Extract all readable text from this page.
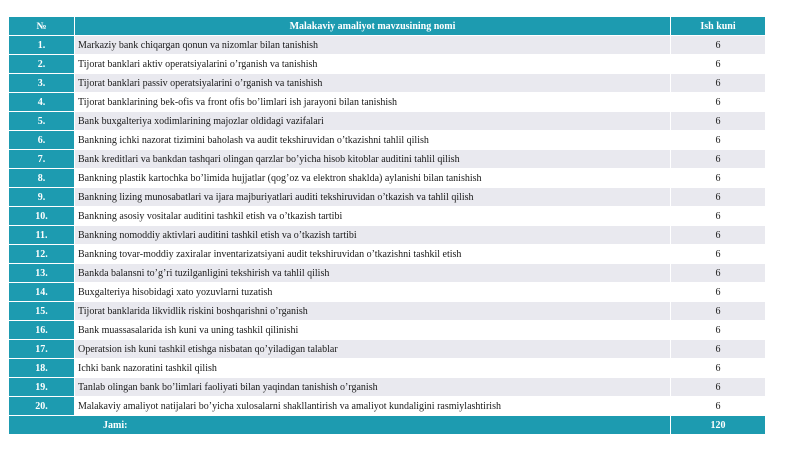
№	Malakaviy amaliyot mavzusining nomi	Ish kuni
1.	Markaziy bank chiqargan qonun va nizomlar bilan tanishish	6
2.	Tijorat banklari aktiv operatsiyalarini o’rganish va tanishish	6
3.	Tijorat banklari passiv operatsiyalarini o’rganish va tanishish	6
4.	Tijorat banklarining bek-ofis va front ofis bo’limlari ish jarayoni bilan tanishish	6
5.	Bank buxgalteriya xodimlarining majozlar oldidagi vazifalari	6
6.	Bankning ichki nazorat tizimini baholash va audit tekshiruvidan o’tkazishni tahlil qilish	6
7.	Bank kreditlari va bankdan tashqari olingan qarzlar bo’yicha hisob kitoblar auditini tahlil qilish	6
8.	Bankning plastik kartochka bo’limida hujjatlar (qog’oz va elektron shaklda) aylanishi bilan tanishish	6
9.	Bankning lizing munosabatlari va ijara majburiyatlari auditi tekshiruvidan o’tkazish va tahlil qilish	6
10.	Bankning asosiy vositalar auditini tashkil etish va o’tkazish tartibi	6
11.	Bankning nomoddiy aktivlari auditini tashkil etish va o’tkazish tartibi	6
12.	Bankning tovar-moddiy zaxiralar inventarizatsiyani audit tekshiruvidan o’tkazishni tashkil etish	6
13.	Bankda balansni to’g’ri tuzilganligini tekshirish va tahlil qilish	6
14.	Buxgalteriya hisobidagi xato yozuvlarni tuzatish	6
15.	Tijorat banklarida likvidlik riskini boshqarishni o’rganish	6
16.	Bank muassasalarida ish kuni va uning tashkil qilinishi	6
17.	Operatsion ish kuni tashkil etishga nisbatan qo’yiladigan talablar	6
18.	Ichki bank nazoratini tashkil qilish	6
19.	Tanlab olingan bank bo’limlari faoliyati bilan yaqindan tanishish o’rganish	6
20.	Malakaviy amaliyot natijalari bo’yicha xulosalarni shakllantirish va amaliyot kundaligini rasmiylashtirish	6
Jami:		120
